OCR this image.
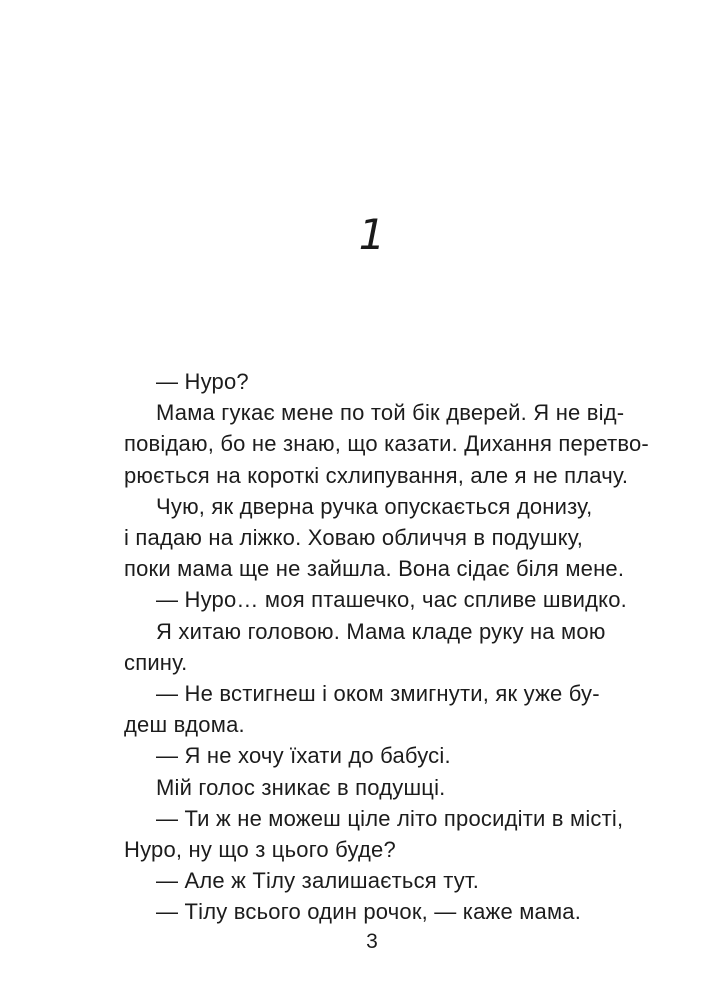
1
— Нуро?
Мама гукає мене по той бік дверей. Я не від-
повідаю, бо не знаю, що казати. Дихання перетво-
рюється на короткі схлипування, але я не плачу.
Чую, як дверна ручка опускається донизу,
і падаю на ліжко. Ховаю обличчя в подушку,
поки мама ще не зайшла. Вона сідає біля мене.
— Нуро… моя пташечко, час спливе швидко.
Я хитаю головою. Мама кладе руку на мою
спину.
— Не встигнеш і оком змигнути, як уже бу-
деш вдома.
— Я не хочу їхати до бабусі.
Мій голос зникає в подушці.
— Ти ж не можеш ціле літо просидіти в місті,
Нуро, ну що з цього буде?
— Але ж Тілу залишається тут.
— Тілу всього один рочок, — каже мама.
3
